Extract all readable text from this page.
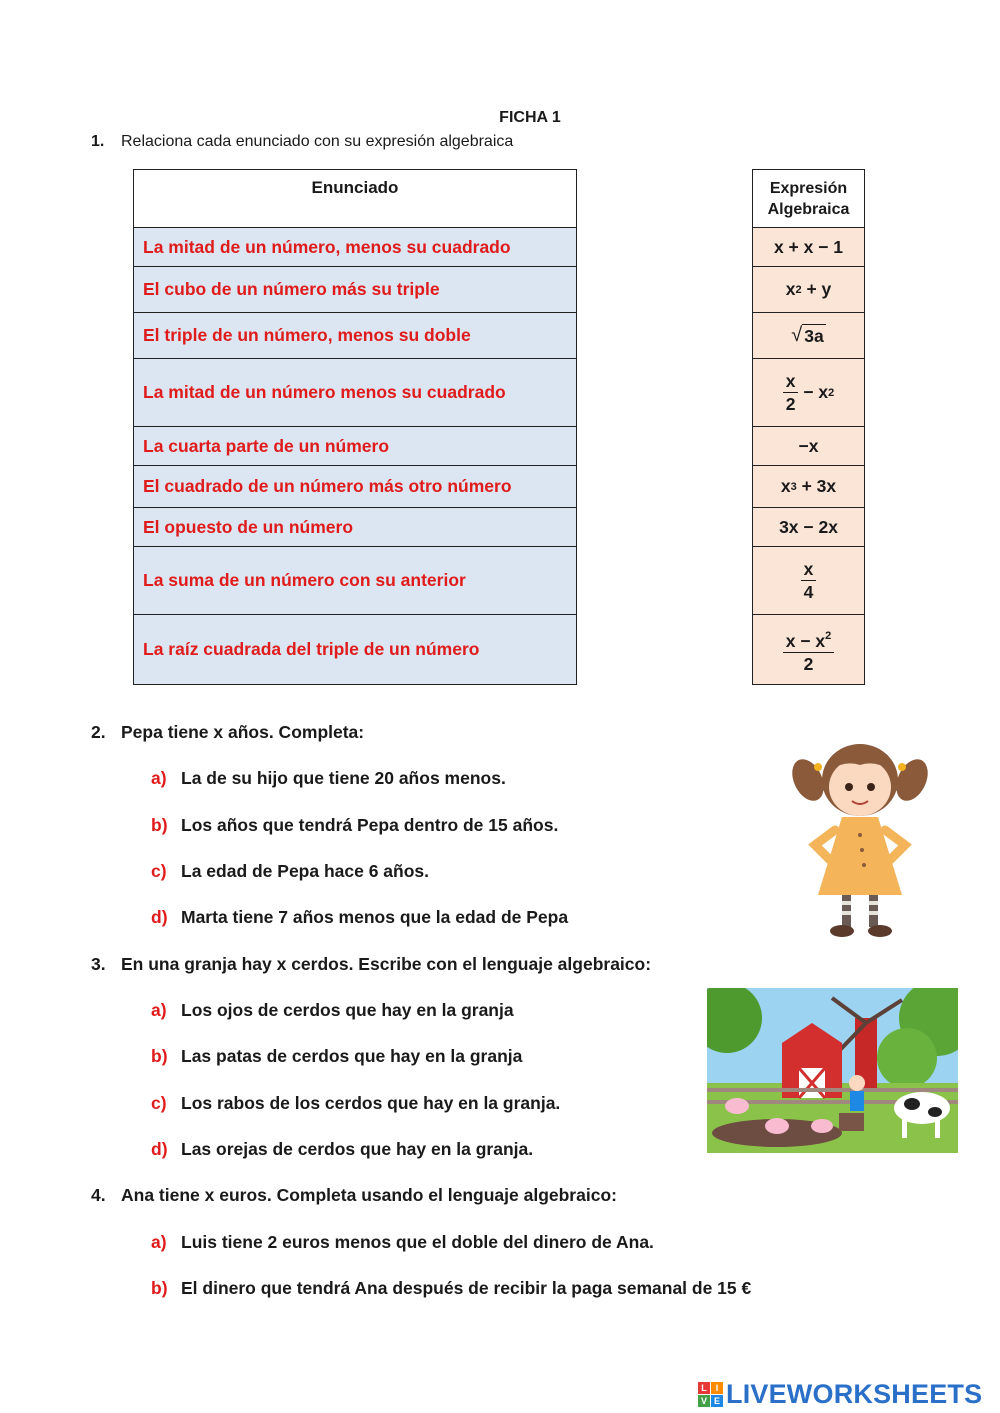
FICHA 1
1. Relaciona cada enunciado con su expresión algebraica
Enunciado
La mitad de un número, menos su cuadrado
El cubo de un número más su triple
El triple de un número, menos su doble
La mitad de un número menos su cuadrado
La cuarta parte de un número
El cuadrado de un número más otro número
El opuesto de un número
La suma de un número con su anterior
La raíz cuadrada del triple de un número
Expresión
Algebraica
x + x − 1
x 2 + y
√ 3a
$\frac{x}{2} - x$ 2
−x
x 3 + 3x
3x − 2x
$\frac{x}{4}$
$\frac{x - x^2}{2}$
2. Pepa tiene x años. Completa:
a) La de su hijo que tiene 20 años menos.
b) Los años que tendrá Pepa dentro de 15 años.
c) La edad de Pepa hace 6 años.
d) Marta tiene 7 años menos que la edad de Pepa
3. En una granja hay x cerdos. Escribe con el lenguaje algebraico:
a) Los ojos de cerdos que hay en la granja
b) Las patas de cerdos que hay en la granja
c) Los rabos de los cerdos que hay en la granja.
d) Las orejas de cerdos que hay en la granja.
4. Ana tiene x euros. Completa usando el lenguaje algebraico:
a) Luis tiene 2 euros menos que el doble del dinero de Ana.
b) El dinero que tendrá Ana después de recibir la paga semanal de 15 €
L I
V E LIVEWORKSHEETS
